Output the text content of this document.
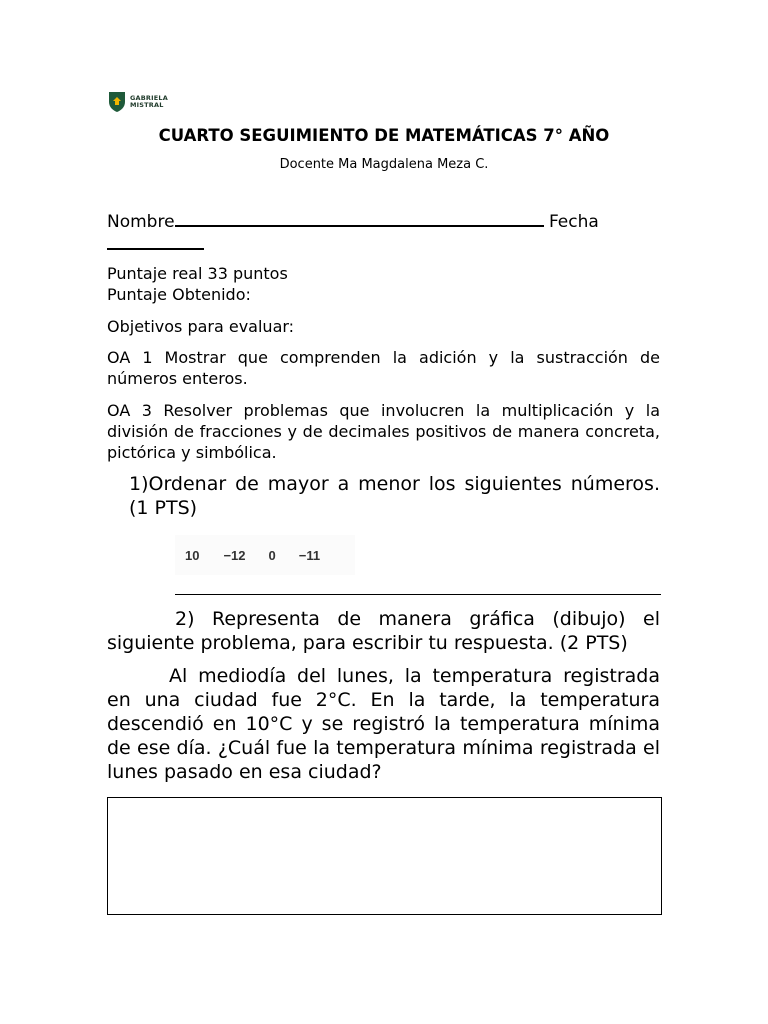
GABRIELA
MISTRAL
CUARTO SEGUIMIENTO DE MATEMÁTICAS 7° AÑO
Docente Ma Magdalena Meza C.
Nombre	Fecha
Puntaje real 33 puntos
Puntaje Obtenido:
Objetivos para evaluar:
OA 1 Mostrar que comprenden la adición y la sustracción de números enteros.
OA 3 Resolver problemas que involucren la multiplicación y la división de fracciones y de decimales positivos de manera concreta, pictórica y simbólica.
1)Ordenar de mayor a menor los siguientes números. (1 PTS)
10 −12 0 −11
2) Representa de manera gráfica (dibujo) el siguiente problema, para escribir tu respuesta. (2 PTS)
Al mediodía del lunes, la temperatura registrada en una ciudad fue 2°C. En la tarde, la temperatura descendió en 10°C y se registró la temperatura mínima de ese día. ¿Cuál fue la temperatura mínima registrada el lunes pasado en esa ciudad?
